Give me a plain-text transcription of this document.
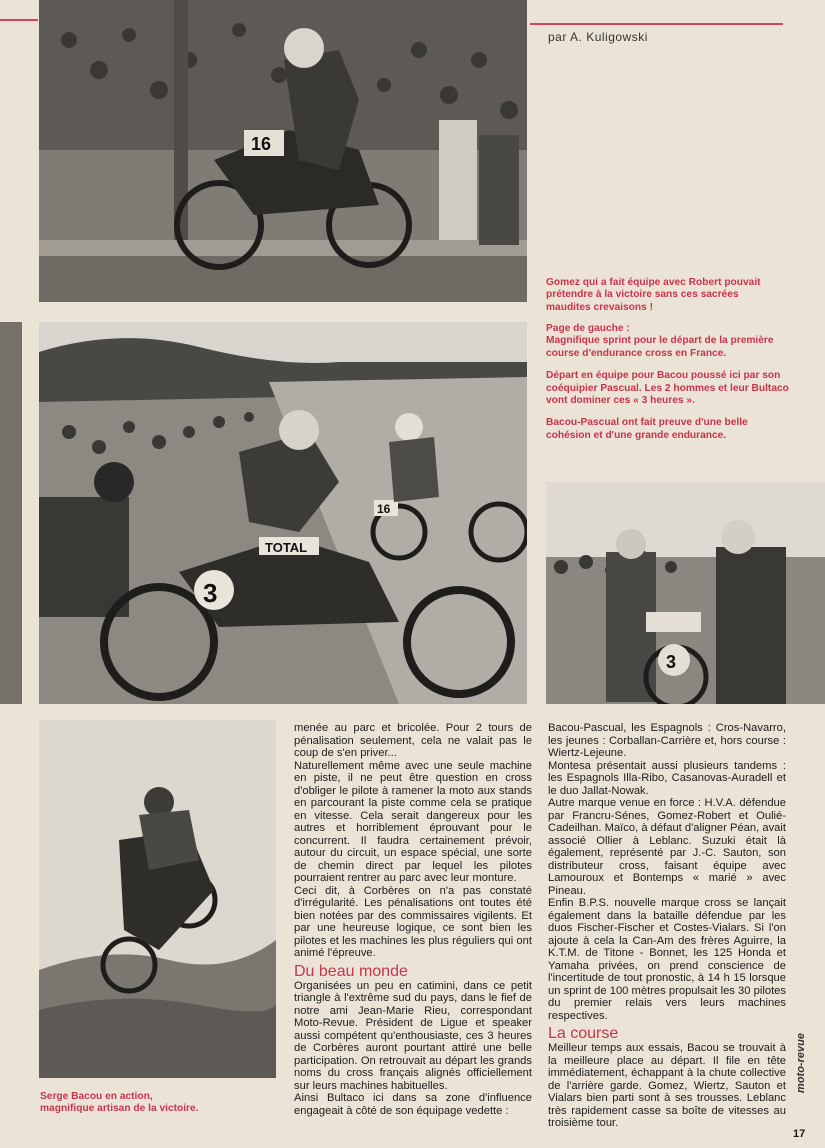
par A. Kuligowski
16
Gomez qui a fait équipe avec Robert pouvait prétendre à la victoire sans ces sacrées maudites crevaisons !
TOTAL
3
16

Page de gauche :
Magnifique sprint pour le départ de la première course d'endurance cross en France.

Départ en équipe pour Bacou poussé ici par son coéquipier Pascual. Les 2 hommes et leur Bultaco vont dominer ces « 3 heures ».

Bacou-Pascual ont fait preuve d'une belle cohésion et d'une grande endurance.

3
Serge Bacou en action,
magnifique artisan de la victoire.

menée au parc et bricolée. Pour 2 tours de pénalisation seulement, cela ne valait pas le coup de s'en priver...

Naturellement même avec une seule machine en piste, il ne peut être question en cross d'obliger le pilote à ramener la moto aux stands en parcourant la piste comme cela se pratique en vitesse. Cela serait dangereux pour les autres et horriblement éprouvant pour le concurrent. Il faudra certainement prévoir, autour du circuit, un espace spécial, une sorte de chemin direct par lequel les pilotes pourraient rentrer au parc avec leur monture.

Ceci dit, à Corbères on n'a pas constaté d'irrégularité. Les pénalisations ont toutes été bien notées par des commissaires vigilents. Et par une heureuse logique, ce sont bien les pilotes et les machines les plus réguliers qui ont animé l'épreuve.

Du beau monde

Organisées un peu en catimini, dans ce petit triangle à l'extrême sud du pays, dans le fief de notre ami Jean-Marie Rieu, correspondant Moto-Revue. Président de Ligue et speaker aussi compétent qu'enthousiaste, ces 3 heures de Corbères auront pourtant attiré une belle participation. On retrouvait au départ les grands noms du cross français alignés officiellement sur leurs machines habituelles.

Ainsi Bultaco ici dans sa zone d'influence engageait à côté de son équipage vedette :

Bacou-Pascual, les Espagnols : Cros-Navarro, les jeunes : Corballan-Carrière et, hors course : Wiertz-Lejeune.

Montesa présentait aussi plusieurs tandems : les Espagnols Illa-Ribo, Casanovas-Auradell et le duo Jallat-Nowak.

Autre marque venue en force : H.V.A. défendue par Francru-Sénes, Gomez-Robert et Oulié-Cadeilhan. Maïco, à défaut d'aligner Péan, avait associé Ollier à Leblanc. Suzuki était là également, représenté par J.-C. Sauton, son distributeur cross, faisant équipe avec Lamouroux et Bontemps « marié » avec Pineau.

Enfin B.P.S. nouvelle marque cross se lançait également dans la bataille défendue par les duos Fischer-Fischer et Costes-Vialars. Si l'on ajoute à cela la Can-Am des frères Aguirre, la K.T.M. de Titone - Bonnet, les 125 Honda et Yamaha privées, on prend conscience de l'incertitude de tout pronostic, à 14 h 15 lorsque un sprint de 100 mètres propulsait les 30 pilotes du premier relais vers leurs machines respectives.

La course

Meilleur temps aux essais, Bacou se trouvait à la meilleure place au départ. Il file en tête immédiatement, échappant à la chute collective de l'arrière garde. Gomez, Wiertz, Sauton et Vialars bien parti sont à ses trousses. Leblanc très rapidement casse sa boîte de vitesses au troisième tour.

moto-revue
17
